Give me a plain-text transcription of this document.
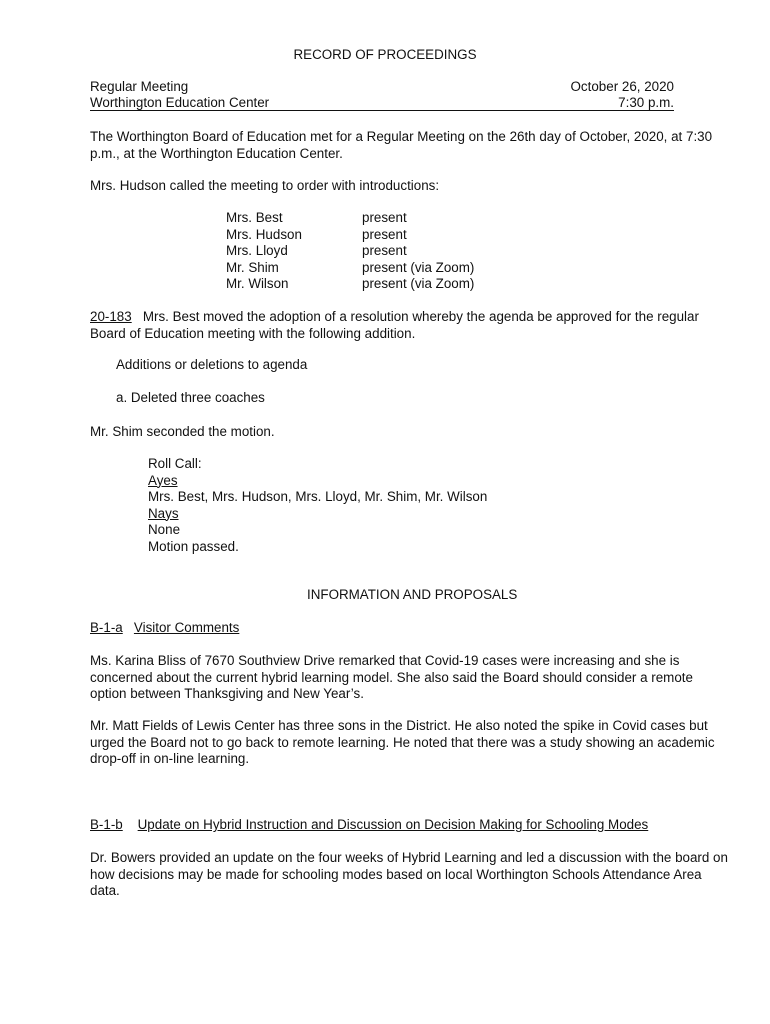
RECORD OF PROCEEDINGS
Regular Meeting	October 26, 2020
Worthington Education Center	7:30 p.m.
The Worthington Board of Education met for a Regular Meeting on the 26th day of October, 2020, at 7:30 p.m., at the Worthington Education Center.
Mrs. Hudson called the meeting to order with introductions:
Mrs. Best	present
Mrs. Hudson	present
Mrs. Lloyd	present
Mr. Shim	present (via Zoom)
Mr. Wilson	present (via Zoom)
20-183 Mrs. Best moved the adoption of a resolution whereby the agenda be approved for the regular Board of Education meeting with the following addition.
Additions or deletions to agenda
a. Deleted three coaches
Mr. Shim seconded the motion.
Roll Call:
Ayes
Mrs. Best, Mrs. Hudson, Mrs. Lloyd, Mr. Shim, Mr. Wilson
Nays
None
Motion passed.
INFORMATION AND PROPOSALS
B-1-a Visitor Comments
Ms. Karina Bliss of 7670 Southview Drive remarked that Covid-19 cases were increasing and she is concerned about the current hybrid learning model. She also said the Board should consider a remote option between Thanksgiving and New Year’s.
Mr. Matt Fields of Lewis Center has three sons in the District. He also noted the spike in Covid cases but urged the Board not to go back to remote learning. He noted that there was a study showing an academic drop-off in on-line learning.
B-1-b Update on Hybrid Instruction and Discussion on Decision Making for Schooling Modes
Dr. Bowers provided an update on the four weeks of Hybrid Learning and led a discussion with the board on how decisions may be made for schooling modes based on local Worthington Schools Attendance Area data.
